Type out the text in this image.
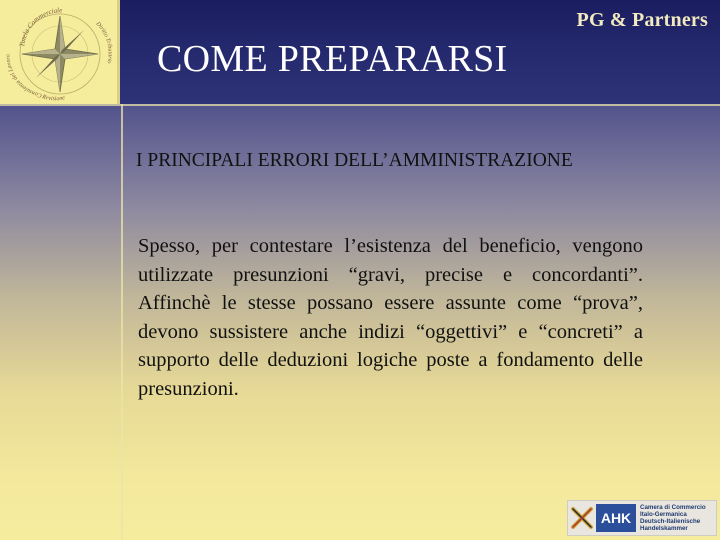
Tutela Commerciale
Consulenza del Lavoro
Diritto Tributario
Revisione
PG & Partners
COME PREPARARSI
I PRINCIPALI ERRORI DELL’AMMINISTRAZIONE

Spesso, per contestare l’esistenza del beneficio, vengono utilizzate presunzioni “gravi, precise e concordanti”. Affinchè le stesse possano essere assunte come “prova”, devono sussistere anche indizi “oggettivi” e “concreti” a supporto delle deduzioni logiche poste a fondamento delle presunzioni.

AHK
Camera di Commercio
Italo-Germanica
Deutsch-Italienische
Handelskammer
